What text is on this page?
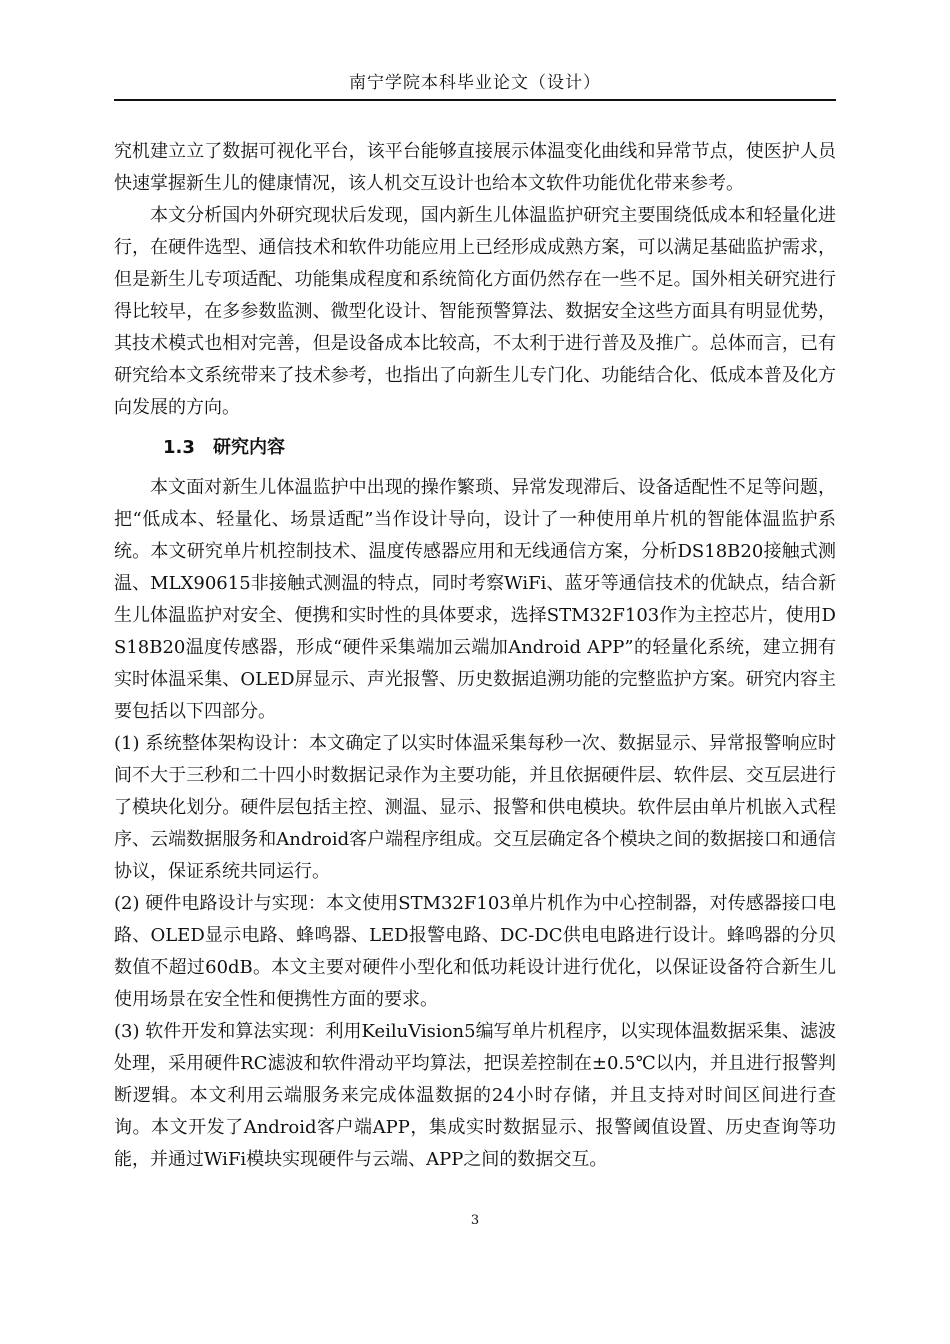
南宁学院本科毕业论文（设计）

究机建立立了数据可视化平台，该平台能够直接展示体温变化曲线和异常节点，使医护人员快速掌握新生儿的健康情况，该人机交互设计也给本文软件功能优化带来参考。

本文分析国内外研究现状后发现，国内新生儿体温监护研究主要围绕低成本和轻量化进行，在硬件选型、通信技术和软件功能应用上已经形成成熟方案，可以满足基础监护需求，但是新生儿专项适配、功能集成程度和系统简化方面仍然存在一些不足。国外相关研究进行得比较早，在多参数监测、微型化设计、智能预警算法、数据安全这些方面具有明显优势，其技术模式也相对完善，但是设备成本比较高，不太利于进行普及及推广。总体而言，已有研究给本文系统带来了技术参考，也指出了向新生儿专门化、功能结合化、低成本普及化方向发展的方向。

1.3 研究内容

本文面对新生儿体温监护中出现的操作繁琐、异常发现滞后、设备适配性不足等问题，把“低成本、轻量化、场景适配”当作设计导向，设计了一种使用单片机的智能体温监护系统。本文研究单片机控制技术、温度传感器应用和无线通信方案，分析DS18B20接触式测温、MLX90615非接触式测温的特点，同时考察WiFi、蓝牙等通信技术的优缺点，结合新生儿体温监护对安全、便携和实时性的具体要求，选择STM32F103作为主控芯片，使用DS18B20温度传感器，形成“硬件采集端加云端加Android APP”的轻量化系统，建立拥有实时体温采集、OLED屏显示、声光报警、历史数据追溯功能的完整监护方案。研究内容主要包括以下四部分。

(1) 系统整体架构设计：本文确定了以实时体温采集每秒一次、数据显示、异常报警响应时间不大于三秒和二十四小时数据记录作为主要功能，并且依据硬件层、软件层、交互层进行了模块化划分。硬件层包括主控、测温、显示、报警和供电模块。软件层由单片机嵌入式程序、云端数据服务和Android客户端程序组成。交互层确定各个模块之间的数据接口和通信协议，保证系统共同运行。

(2) 硬件电路设计与实现：本文使用STM32F103单片机作为中心控制器，对传感器接口电路、OLED显示电路、蜂鸣器、LED报警电路、DC-DC供电电路进行设计。蜂鸣器的分贝数值不超过60dB。本文主要对硬件小型化和低功耗设计进行优化，以保证设备符合新生儿使用场景在安全性和便携性方面的要求。

(3) 软件开发和算法实现：利用KeiluVision5编写单片机程序，以实现体温数据采集、滤波处理，采用硬件RC滤波和软件滑动平均算法，把误差控制在±0.5℃以内，并且进行报警判断逻辑。本文利用云端服务来完成体温数据的24小时存储，并且支持对时间区间进行查询。本文开发了Android客户端APP，集成实时数据显示、报警阈值设置、历史查询等功能，并通过WiFi模块实现硬件与云端、APP之间的数据交互。

3
